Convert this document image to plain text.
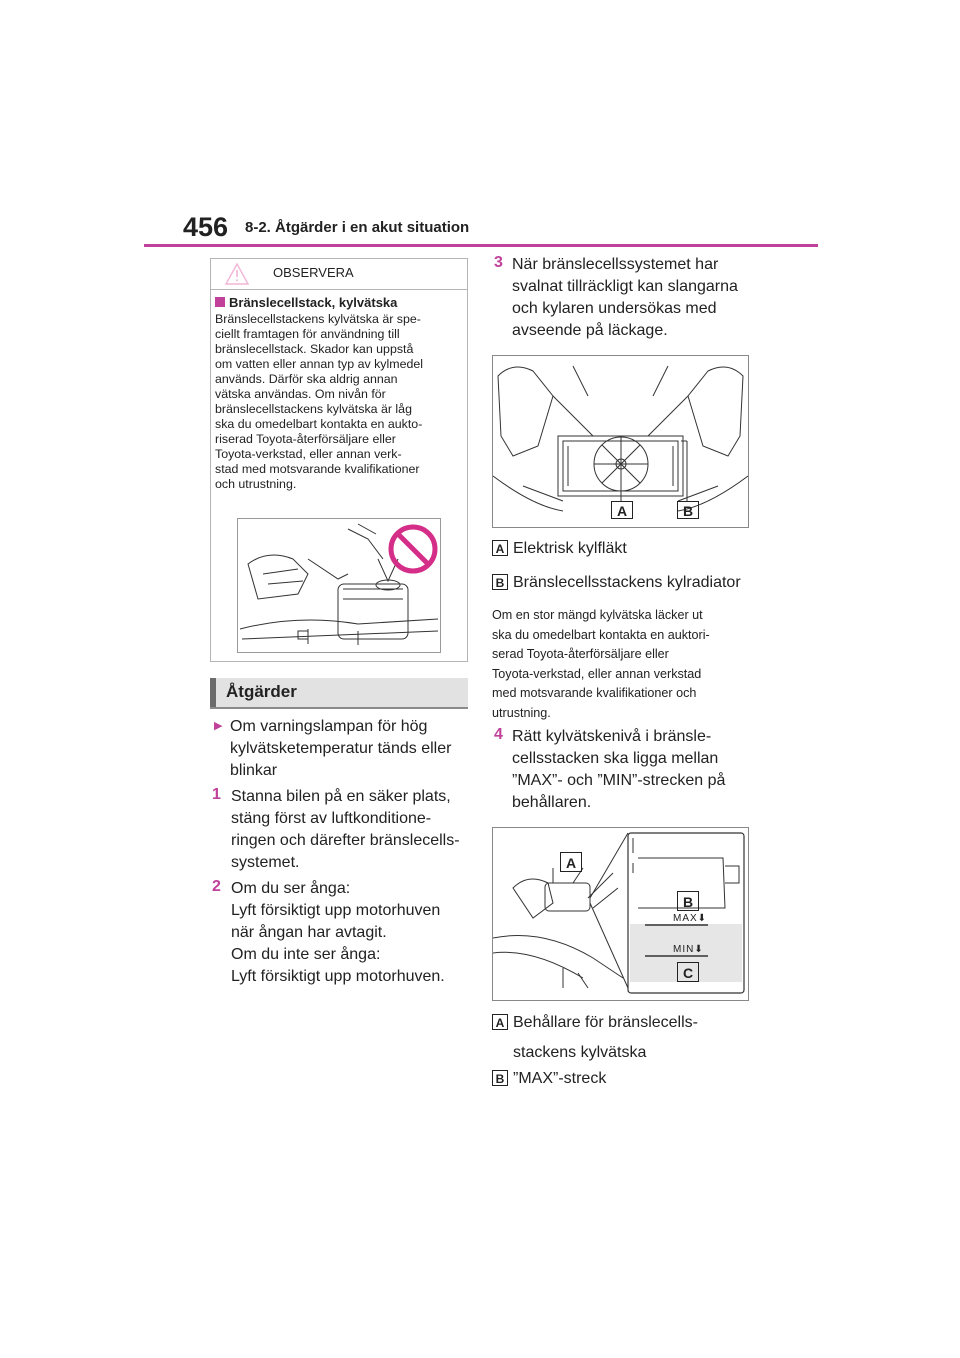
456 8-2. Åtgärder i en akut situation
OBSERVERA
Bränslecellstack, kylvätska
Bränslecellstackens kylvätska är spe-
ciellt framtagen för användning till
bränslecellstack. Skador kan uppstå
om vatten eller annan typ av kylmedel
används. Därför ska aldrig annan
vätska användas. Om nivån för
bränslecellstackens kylvätska är låg
ska du omedelbart kontakta en aukto-
riserad Toyota-återförsäljare eller
Toyota-verkstad, eller annan verk-
stad med motsvarande kvalifikationer
och utrustning.
Åtgärder
▶ Om varningslampan för hög
kylvätsketemperatur tänds eller
blinkar
1 Stanna bilen på en säker plats,
stäng först av luftkonditione-
ringen och därefter bränslecells-
systemet.
2 Om du ser ånga:
Lyft försiktigt upp motorhuven
när ångan har avtagit.
Om du inte ser ånga:
Lyft försiktigt upp motorhuven.
3 När bränslecellssystemet har
svalnat tillräckligt kan slangarna
och kylaren undersökas med
avseende på läckage.
A	B
A Elektrisk kylfläkt
B Bränslecellsstackens kylradiator
Om en stor mängd kylvätska läcker ut
ska du omedelbart kontakta en auktori-
serad Toyota-återförsäljare eller
Toyota-verkstad, eller annan verkstad
med motsvarande kvalifikationer och
utrustning.
4 Rätt kylvätskenivå i bränsle-
cellsstacken ska ligga mellan
”MAX”- och ”MIN”-strecken på
behållaren.
A
B
C
MAX⬇
MIN⬇
A Behållare för bränslecells-
stackens kylvätska
B ”MAX”-streck
